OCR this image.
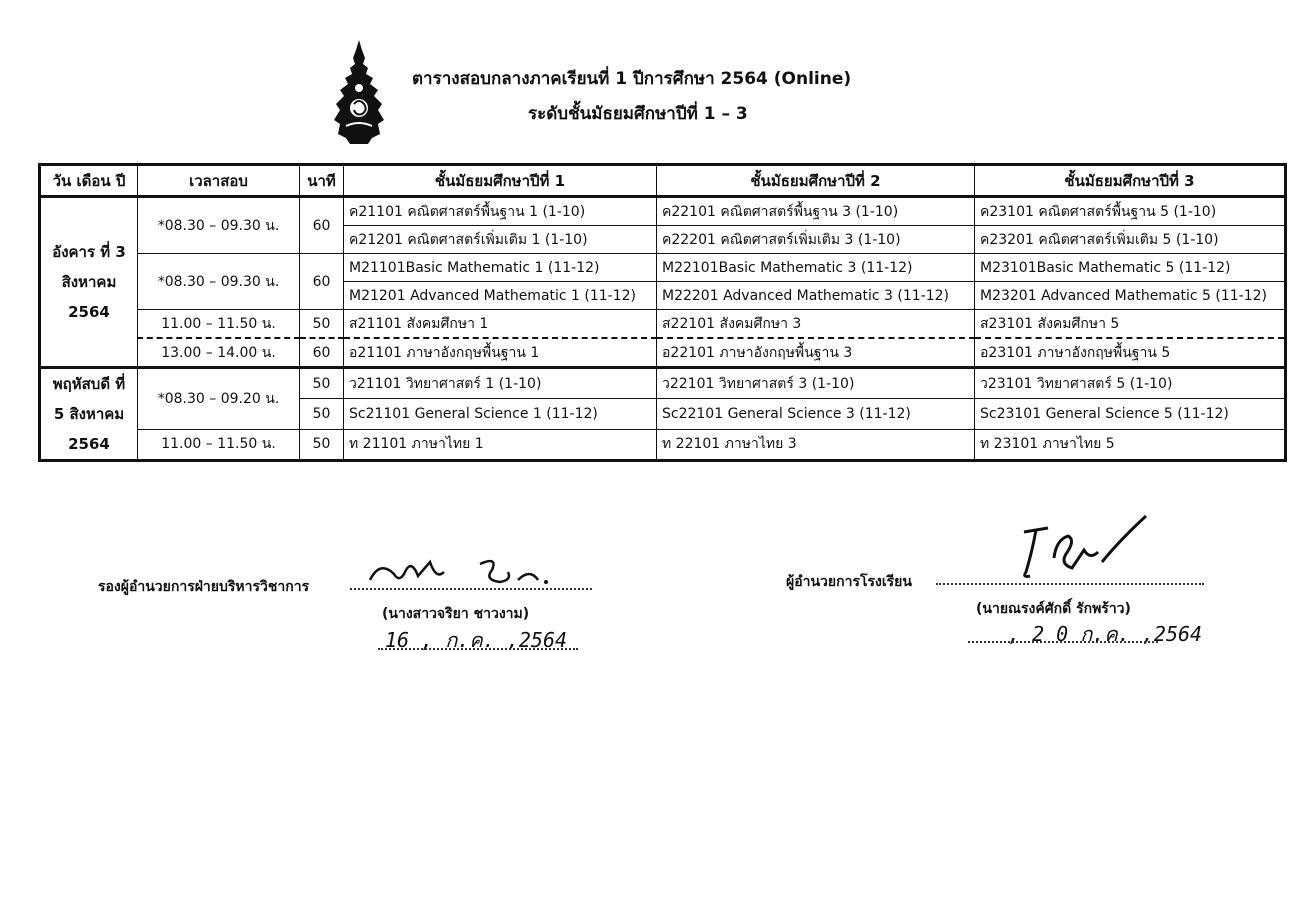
ตารางสอบกลางภาคเรียนที่ 1 ปีการศึกษา 2564 (Online)
ระดับชั้นมัธยมศึกษาปีที่ 1 – 3
วัน เดือน ปี	เวลาสอบ	นาที	ชั้นมัธยมศึกษาปีที่ 1	ชั้นมัธยมศึกษาปีที่ 2	ชั้นมัธยมศึกษาปีที่ 3
อังคาร ที่ 3 สิงหาคม 2564	*08.30 – 09.30 น.	60	ค21101 คณิตศาสตร์พื้นฐาน 1 (1-10)	ค22101 คณิตศาสตร์พื้นฐาน 3 (1-10)	ค23101 คณิตศาสตร์พื้นฐาน 5 (1-10)
			ค21201 คณิตศาสตร์เพิ่มเติม 1 (1-10)	ค22201 คณิตศาสตร์เพิ่มเติม 3 (1-10)	ค23201 คณิตศาสตร์เพิ่มเติม 5 (1-10)
	*08.30 – 09.30 น.	60	M21101Basic Mathematic 1 (11-12)	M22101Basic Mathematic 3 (11-12)	M23101Basic Mathematic 5 (11-12)
			M21201 Advanced Mathematic 1 (11-12)	M22201 Advanced Mathematic 3 (11-12)	M23201 Advanced Mathematic 5 (11-12)
	11.00 – 11.50 น.	50	ส21101 สังคมศึกษา 1	ส22101 สังคมศึกษา 3	ส23101 สังคมศึกษา 5
	13.00 – 14.00 น.	60	อ21101 ภาษาอังกฤษพื้นฐาน 1	อ22101 ภาษาอังกฤษพื้นฐาน 3	อ23101 ภาษาอังกฤษพื้นฐาน 5
พฤหัสบดี ที่ 5 สิงหาคม 2564	*08.30 – 09.20 น.	50	ว21101 วิทยาศาสตร์ 1 (1-10)	ว22101 วิทยาศาสตร์ 3 (1-10)	ว23101 วิทยาศาสตร์ 5 (1-10)
		50	Sc21101 General Science 1 (11-12)	Sc22101 General Science 3 (11-12)	Sc23101 General Science 5 (11-12)
	11.00 – 11.50 น.	50	ท 21101 ภาษาไทย 1	ท 22101 ภาษาไทย 3	ท 23101 ภาษาไทย 5
รองผู้อำนวยการฝ่ายบริหารวิชาการ
(นางสาวจริยา ชาวงาม)
16 , ก.ค. ,2564
ผู้อำนวยการโรงเรียน
(นายณรงค์ศักดิ์ รักพร้าว)
, 2 0 ก.ค. ,2564
